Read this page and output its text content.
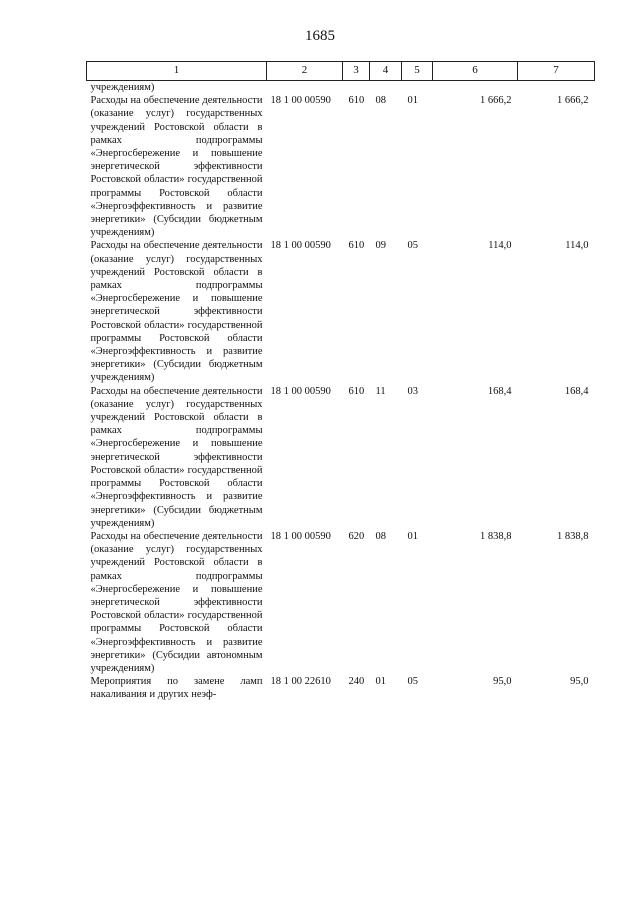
1685
1	2	3	4	5	6	7
учреждениям)						
Расходы на обеспечение деятельности (оказание услуг) государственных учреждений Ростовской области в рамках подпрограммы «Энергосбережение и повышение энергетической эффективности Ростовской области» государственной программы Ростовской области «Энергоэффективность и развитие энергетики» (Субсидии бюджетным учреждениям)	18 1 00 00590	610	08	01	1 666,2	1 666,2
Расходы на обеспечение деятельности (оказание услуг) государственных учреждений Ростовской области в рамках подпрограммы «Энергосбережение и повышение энергетической эффективности Ростовской области» государственной программы Ростовской области «Энергоэффективность и развитие энергетики» (Субсидии бюджетным учреждениям)	18 1 00 00590	610	09	05	114,0	114,0
Расходы на обеспечение деятельности (оказание услуг) государственных учреждений Ростовской области в рамках подпрограммы «Энергосбережение и повышение энергетической эффективности Ростовской области» государственной программы Ростовской области «Энергоэффективность и развитие энергетики» (Субсидии бюджетным учреждениям)	18 1 00 00590	610	11	03	168,4	168,4
Расходы на обеспечение деятельности (оказание услуг) государственных учреждений Ростовской области в рамках подпрограммы «Энергосбережение и повышение энергетической эффективности Ростовской области» государственной программы Ростовской области «Энергоэффективность и развитие энергетики» (Субсидии автономным учреждениям)	18 1 00 00590	620	08	01	1 838,8	1 838,8
Мероприятия по замене ламп накаливания и других неэф-	18 1 00 22610	240	01	05	95,0	95,0
